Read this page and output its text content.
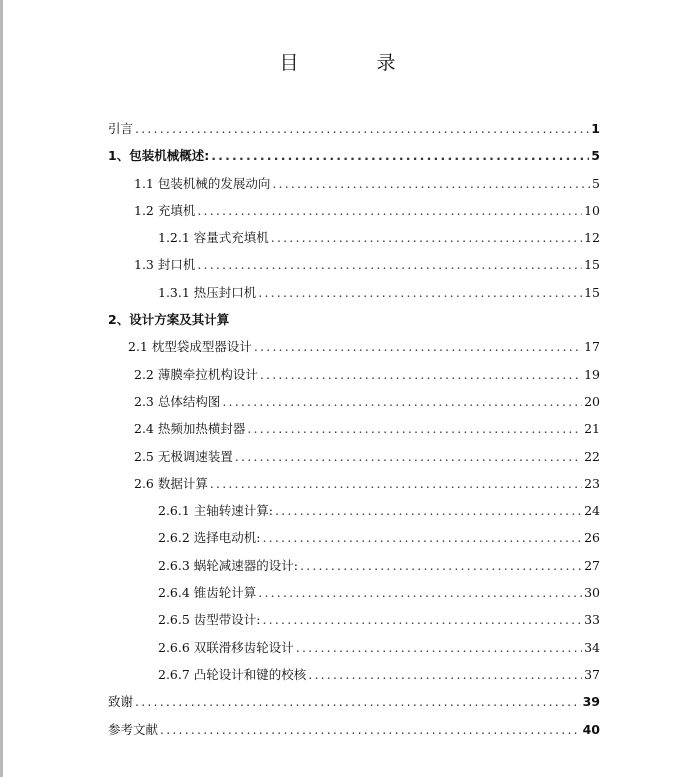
目 录
引言 .....	1
1、包装机械概述: .....	5
1.1 包装机械的发展动向 .....	5
1.2 充填机 .....	10
1.2.1 容量式充填机 .....	12
1.3 封口机 .....	15
1.3.1 热压封口机 .....	15
2、设计方案及其计算
2.1 枕型袋成型器设计 .....	17
2.2 薄膜牵拉机构设计 .....	19
2.3 总体结构图 .....	20
2.4 热频加热横封器 .....	21
2.5 无极调速装置 .....	22
2.6 数据计算 .....	23
2.6.1 主轴转速计算: .....	24
2.6.2 选择电动机: .....	26
2.6.3 蜗轮减速器的设计: .....	27
2.6.4 锥齿轮计算 .....	30
2.6.5 齿型带设计: .....	33
2.6.6 双联滑移齿轮设计 .....	34
2.6.7 凸轮设计和键的校核 .....	37
致谢 .....	39
参考文献 .....	40
